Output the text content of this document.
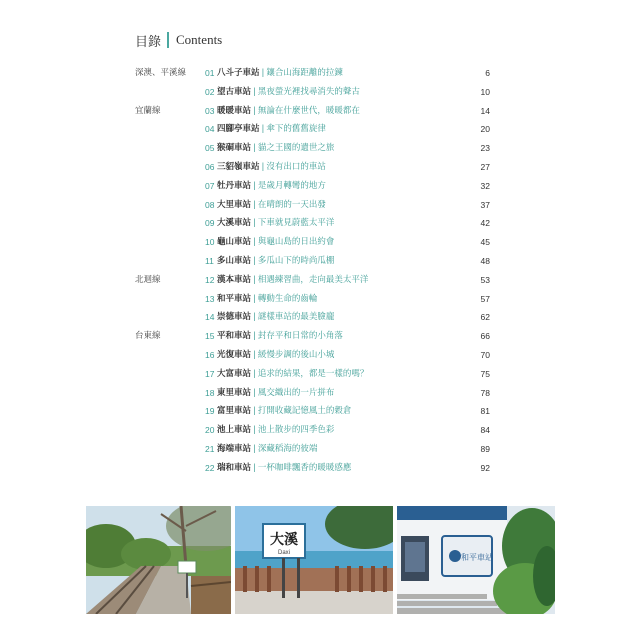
目錄 Contents
深澳、平溪線 01 八斗子車站 | 鑲合山海距離的拉鍊	6
02 望古車站 | 黑夜螢光裡找尋消失的聲古	10
宜蘭線	03 暖暖車站 | 無論在什麼世代，暖暖都在	14
04 四腳亭車站 | 傘下的舊舊旋律	20
05 猴硐車站 | 貓之王國的遺世之旅	23
06 三貂嶺車站 | 沒有出口的車站	27
07 牡丹車站 | 是歲月轉彎的地方	32
08 大里車站 | 在晴朗的一天出發	37
09 大溪車站 | 下車就見蔚藍太平洋	42
10 龜山車站 | 與龜山島的日出約會	45
11 多山車站 | 多瓜山下的時尚瓜棚	48
北迴線	12 漢本車站 | 相遇練習曲，走向最美太平洋	53
13 和平車站 | 轉動生命的齒輪	57
14 崇德車站 | 謎樣車站的最美臉龐	62
台東線	15 平和車站 | 封存平和日常的小角落	66
16 光復車站 | 緩慢步調的後山小城	70
17 大富車站 | 追求的結果，都是一樣的嗎？	75
18 東里車站 | 風交織出的一片拼布	78
19 富里車站 | 打開收藏記憶風土的穀倉	81
20 池上車站 | 池上散步的四季色彩	84
21 海端車站 | 深藏稻海的彼端	89
22 瑞和車站 | 一杯咖啡飄香的暖暖感應	92
大溪
Daxi	和平車站
